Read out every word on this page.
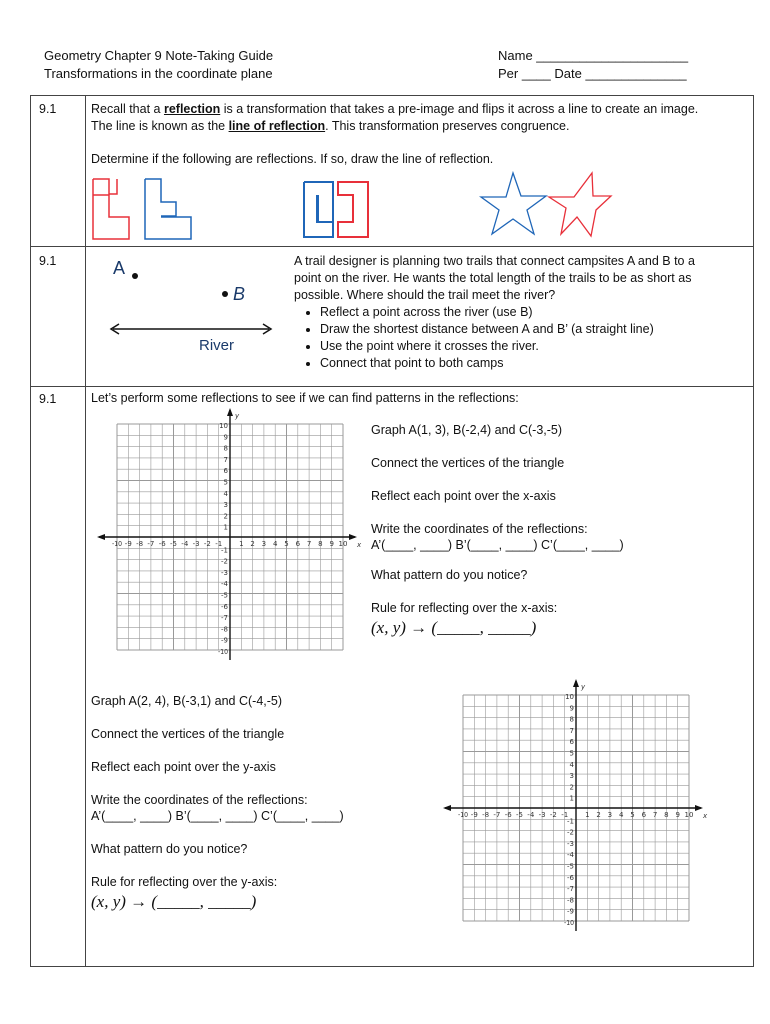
Geometry Chapter 9 Note-Taking Guide
Transformations in the coordinate plane
Name _____________________
Per ____ Date ______________
9.1	Recall that a reflection is a transformation that takes a pre-image and flips it across a line to create an image. The line is known as the line of reflection. This transformation preserves congruence.
Determine if the following are reflections. If so, draw the line of reflection.
9.1	A
B
River
A trail designer is planning two trails that connect campsites A and B to a point on the river. He wants the total length of the trails to be as short as possible. Where should the trail meet the river?
• Reflect a point across the river (use B)
• Draw the shortest distance between A and B’ (a straight line)
• Use the point where it crosses the river.
• Connect that point to both camps
9.1	Let’s perform some reflections to see if we can find patterns in the reflections:
-10
-10
-9
-9
-8
-8
-7
-7
-6
-6
-5
-5
-4
-4
-3
-3
-2
-2
-1
-1
1
1
2
2
3
3
4
4
5
5
6
6
7
7
8
8
9
9
10
10
x
y
Graph A(1, 3), B(-2,4) and C(-3,-5)
Connect the vertices of the triangle
Reflect each point over the x-axis
Write the coordinates of the reflections:
A’(____, ____) B’(____, ____) C’(____, ____)
What pattern do you notice?
Rule for reflecting over the x-axis:
(x, y) → (_____, _____)
Graph A(2, 4), B(-3,1) and C(-4,-5)
Connect the vertices of the triangle
Reflect each point over the y-axis
Write the coordinates of the reflections:
A’(____, ____) B’(____, ____) C’(____, ____)
What pattern do you notice?
Rule for reflecting over the y-axis:
(x, y) → (_____, _____)
-10
-10
-9
-9
-8
-8
-7
-7
-6
-6
-5
-5
-4
-4
-3
-3
-2
-2
-1
-1
1
1
2
2
3
3
4
4
5
5
6
6
7
7
8
8
9
9
10
10
x
y
